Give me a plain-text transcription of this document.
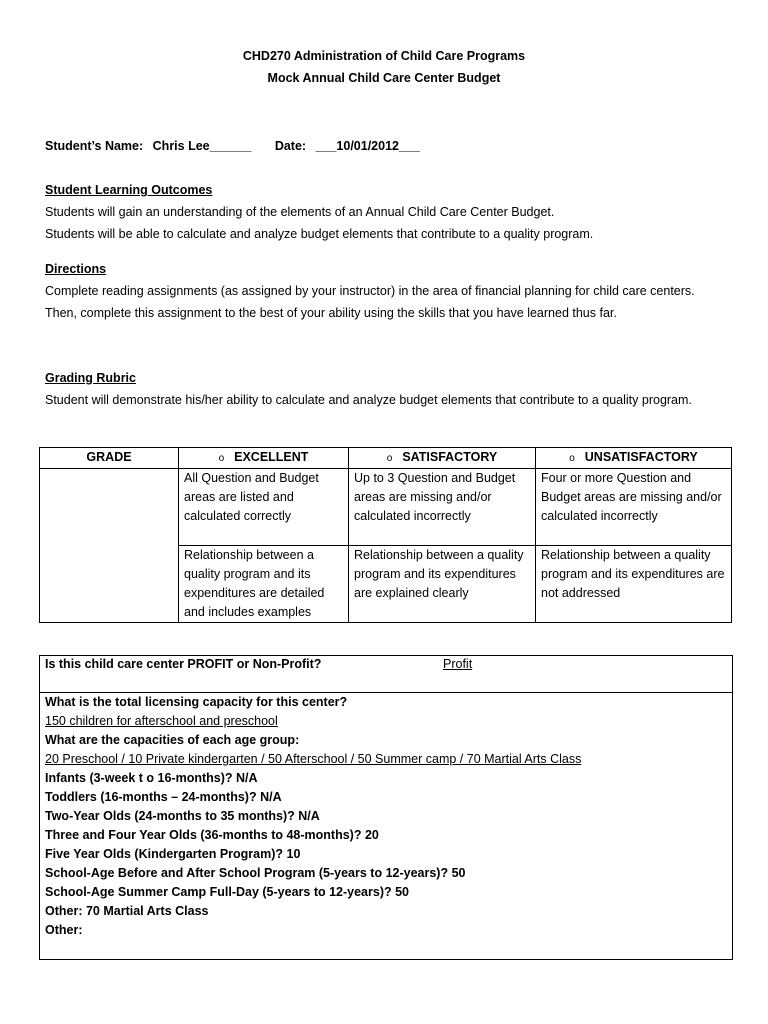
CHD270 Administration of Child Care Programs
Mock Annual Child Care Center Budget
Student’s Name: Chris Lee______ Date: ___10/01/2012___
Student Learning Outcomes
Students will gain an understanding of the elements of an Annual Child Care Center Budget.
Students will be able to calculate and analyze budget elements that contribute to a quality program.
Directions
Complete reading assignments (as assigned by your instructor) in the area of financial planning for child care centers. Then, complete this assignment to the best of your ability using the skills that you have learned thus far.
Grading Rubric
Student will demonstrate his/her ability to calculate and analyze budget elements that contribute to a quality program.
GRADE	o EXCELLENT	o SATISFACTORY	o UNSATISFACTORY
	All Question and Budget areas are listed and calculated correctly	Up to 3 Question and Budget areas are missing and/or calculated incorrectly	Four or more Question and Budget areas are missing and/or calculated incorrectly
	Relationship between a quality program and its expenditures are detailed and includes examples	Relationship between a quality program and its expenditures are explained clearly	Relationship between a quality program and its expenditures are not addressed
Is this child care center PROFIT or Non-Profit?	Profit
What is the total licensing capacity for this center?
150 children for afterschool and preschool
What are the capacities of each age group:
20 Preschool / 10 Private kindergarten / 50 Afterschool / 50 Summer camp / 70 Martial Arts Class
Infants (3-week t o 16-months)? N/A
Toddlers (16-months – 24-months)? N/A
Two-Year Olds (24-months to 35 months)? N/A
Three and Four Year Olds (36-months to 48-months)? 20
Five Year Olds (Kindergarten Program)? 10
School-Age Before and After School Program (5-years to 12-years)? 50
School-Age Summer Camp Full-Day (5-years to 12-years)? 50
Other: 70 Martial Arts Class
Other:
